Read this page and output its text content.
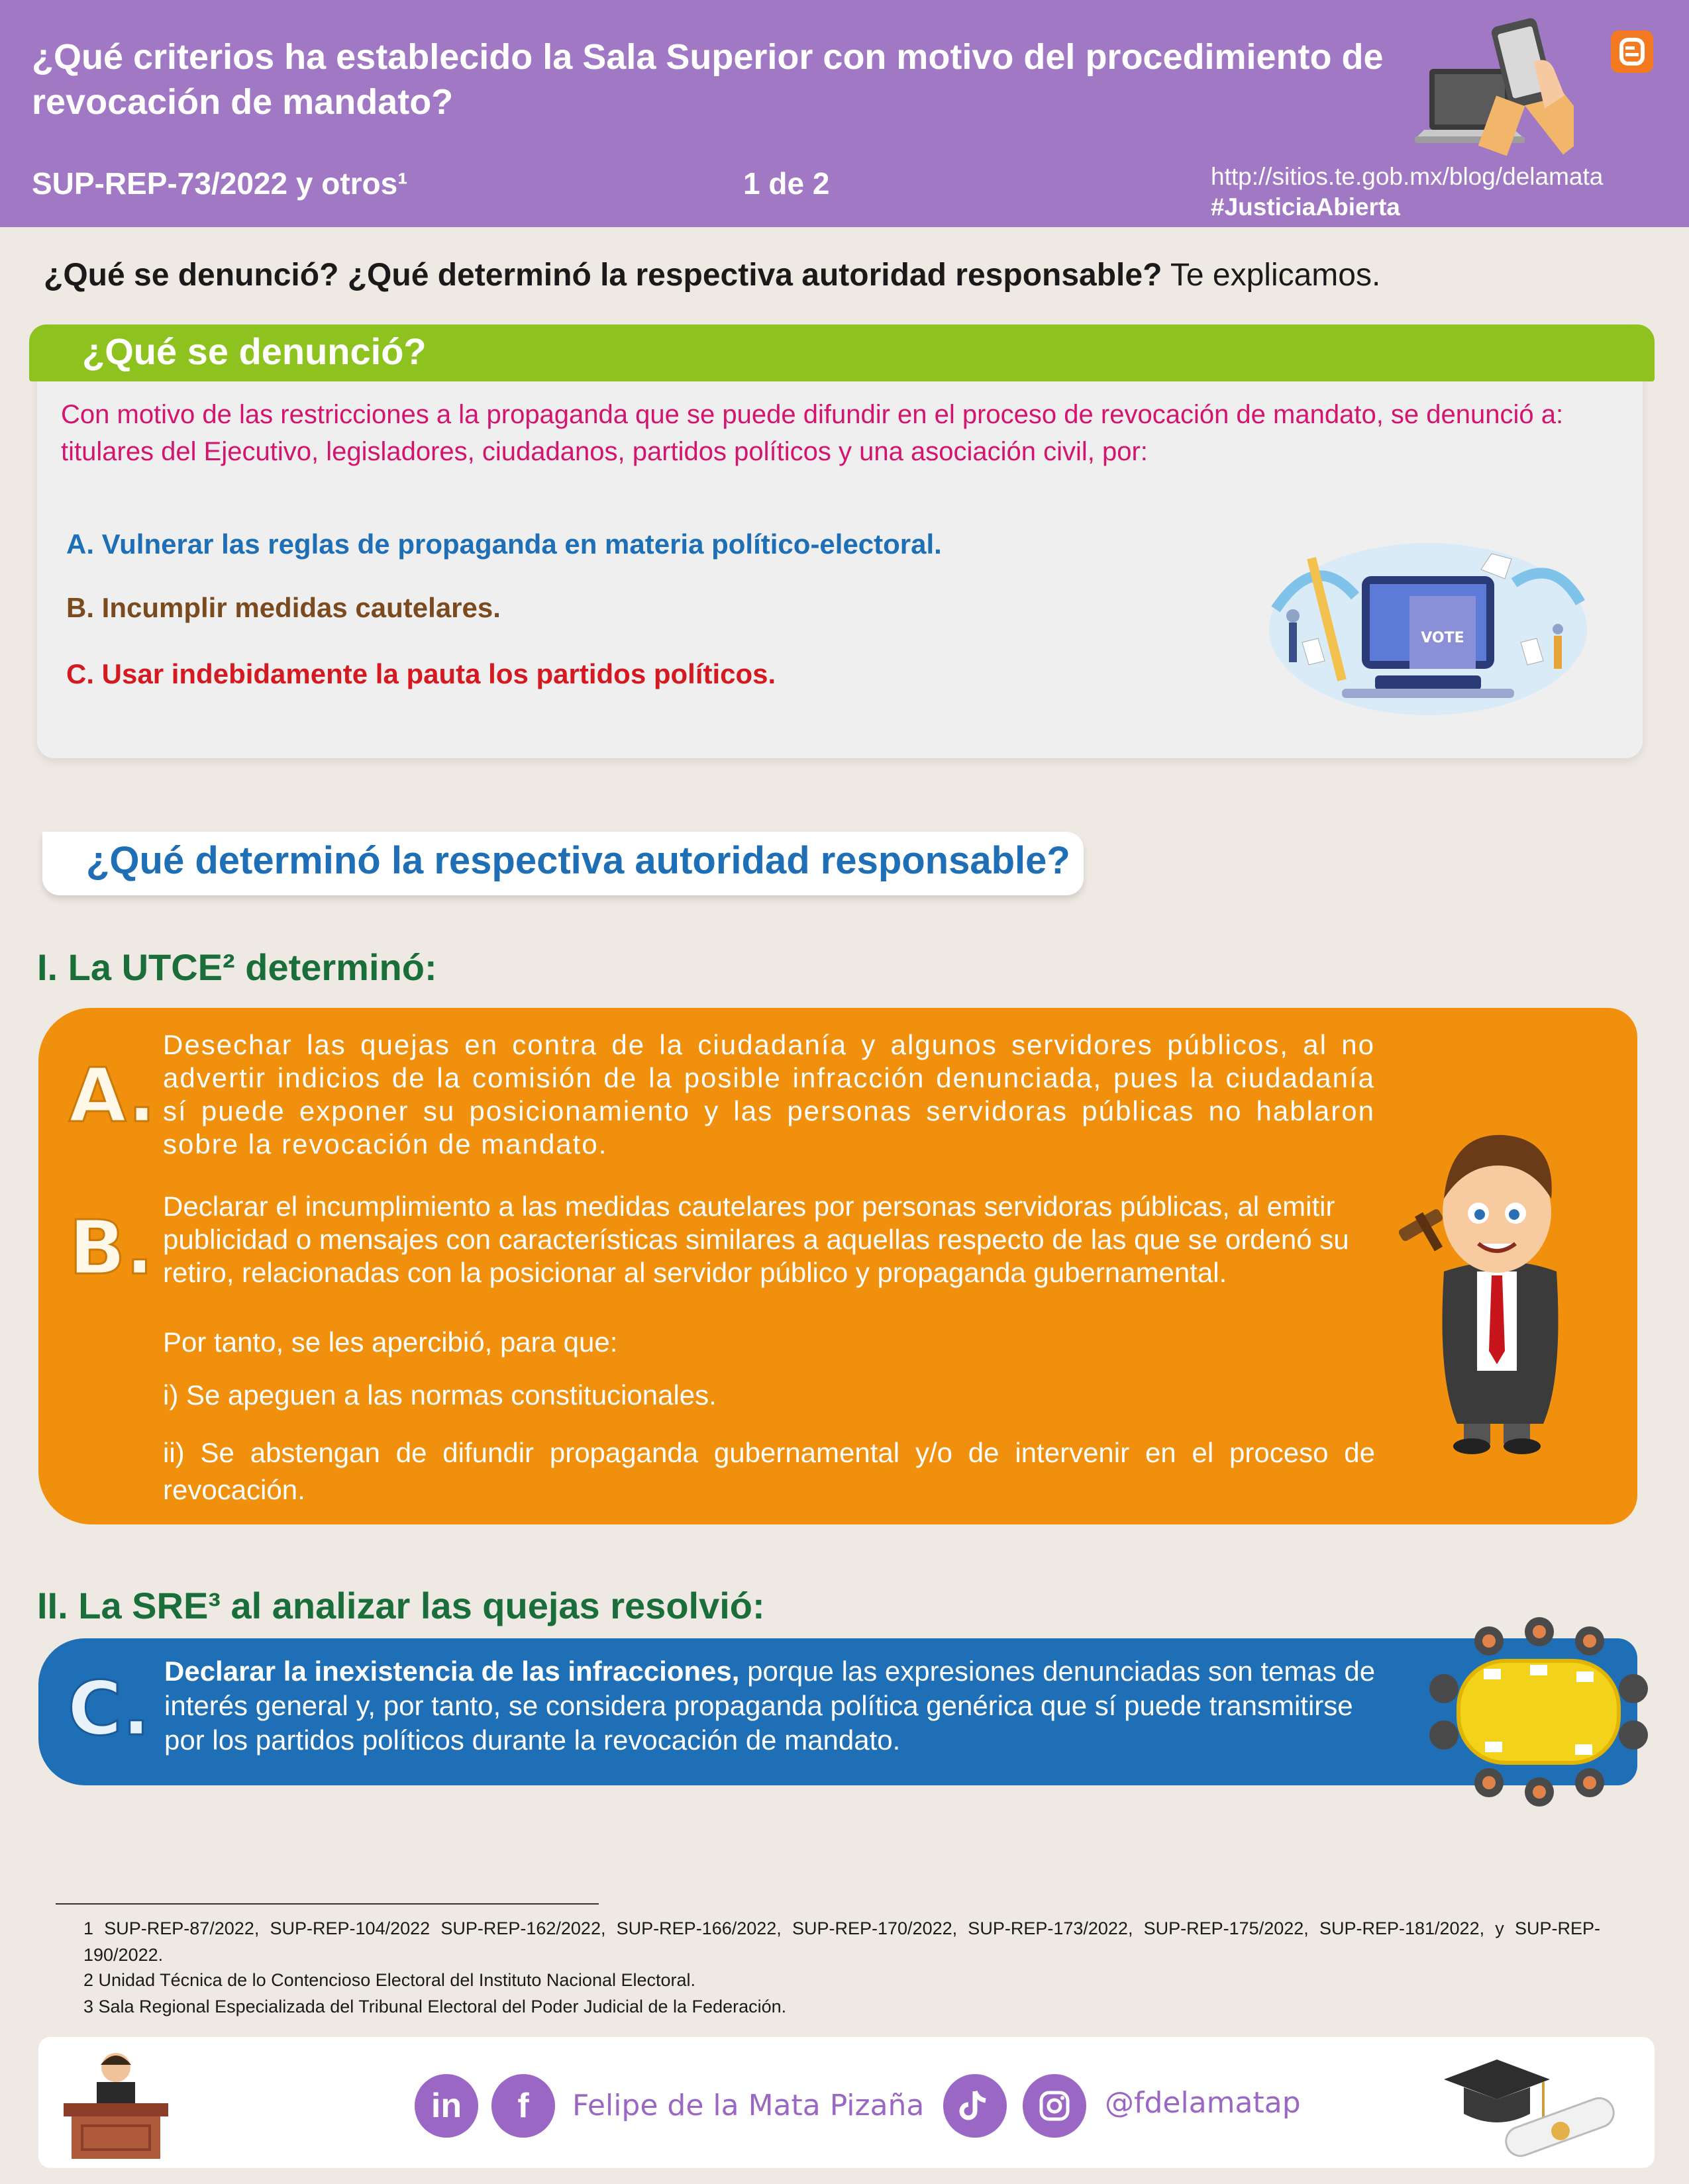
¿Qué criterios ha establecido la Sala Superior con motivo del procedimiento de revocación de mandato?
SUP-REP-73/2022 y otros¹	1 de 2	http://sitios.te.gob.mx/blog/delamata
#JusticiaAbierta
¿Qué se denunció? ¿Qué determinó la respectiva autoridad responsable? Te explicamos.
¿Qué se denunció?
Con motivo de las restricciones a la propaganda que se puede difundir en el proceso de revocación de mandato, se denunció a: titulares del Ejecutivo, legisladores, ciudadanos, partidos políticos y una asociación civil, por:
A. Vulnerar las reglas de propaganda en materia político-electoral.
B. Incumplir medidas cautelares.
C. Usar indebidamente la pauta los partidos políticos.
VOTE
¿Qué determinó la respectiva autoridad responsable?
I. La UTCE² determinó:
A.
B.
Desechar las quejas en contra de la ciudadanía y algunos servidores públicos, al no advertir indicios de la comisión de la posible infracción denunciada, pues la ciudadanía sí puede exponer su posicionamiento y las personas servidoras públicas no hablaron sobre la revocación de mandato.
Declarar el incumplimiento a las medidas cautelares por personas servidoras públicas, al emitir publicidad o mensajes con características similares a aquellas respecto de las que se ordenó su retiro, relacionadas con la posicionar al servidor público y propaganda gubernamental.
Por tanto, se les apercibió, para que:
i) Se apeguen a las normas constitucionales.
ii) Se abstengan de difundir propaganda gubernamental y/o de intervenir en el proceso de revocación.
II. La SRE³ al analizar las quejas resolvió:
C. Declarar la inexistencia de las infracciones, porque las expresiones denunciadas son temas de interés general y, por tanto, se considera propaganda política genérica que sí puede transmitirse por los partidos políticos durante la revocación de mandato.
1 SUP-REP-87/2022, SUP-REP-104/2022 SUP-REP-162/2022, SUP-REP-166/2022, SUP-REP-170/2022, SUP-REP-173/2022, SUP-REP-175/2022, SUP-REP-181/2022, y SUP-REP-190/2022.
2 Unidad Técnica de lo Contencioso Electoral del Instituto Nacional Electoral.
3 Sala Regional Especializada del Tribunal Electoral del Poder Judicial de la Federación.
in	f	Felipe de la Mata Pizaña	@fdelamatap
